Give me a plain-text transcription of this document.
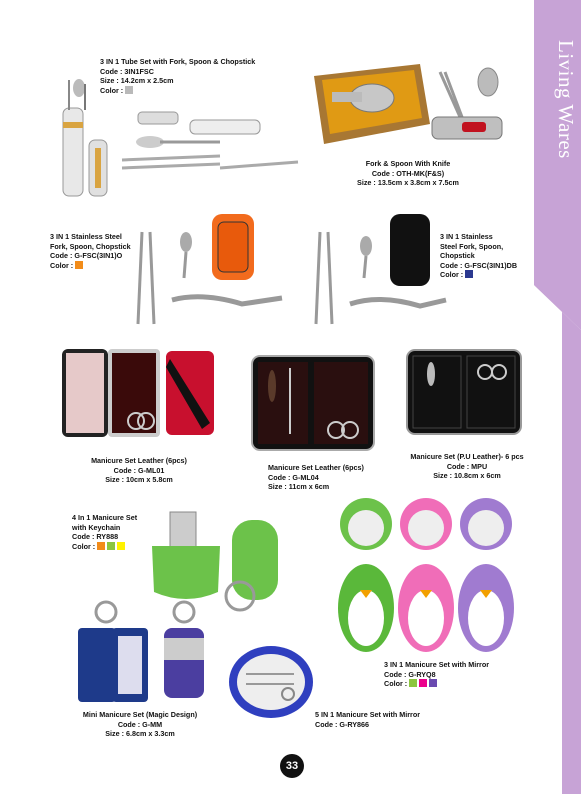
Living Wares
3 IN 1 Tube Set with Fork, Spoon & Chopstick
Code : 3IN1FSC
Size : 14.2cm x 2.5cm
Color :
Fork & Spoon With Knife
Code : OTH-MK(F&S)
Size : 13.5cm x 3.8cm x 7.5cm
3 IN 1 Stainless Steel
Fork, Spoon, Chopstick
Code : G-FSC(3IN1)O
Color :
3 IN 1 Stainless
Steel Fork, Spoon,
Chopstick
Code : G-FSC(3IN1)DB
Color :
Manicure Set Leather (6pcs)
Code : G-ML01
Size : 10cm x 5.8cm
Manicure Set Leather (6pcs)
Code : G-ML04
Size : 11cm x 6cm
Manicure Set (P.U Leather)- 6 pcs
Code : MPU
Size : 10.8cm x 6cm
4 In 1 Manicure Set
with Keychain
Code : RY888
Color :
3 IN 1 Manicure Set with Mirror
Code : G-RYQ8
Color :
Mini Manicure Set (Magic Design)
Code : G-MM
Size : 6.8cm x 3.3cm
5 IN 1 Manicure Set with Mirror
Code : G-RY866
33
